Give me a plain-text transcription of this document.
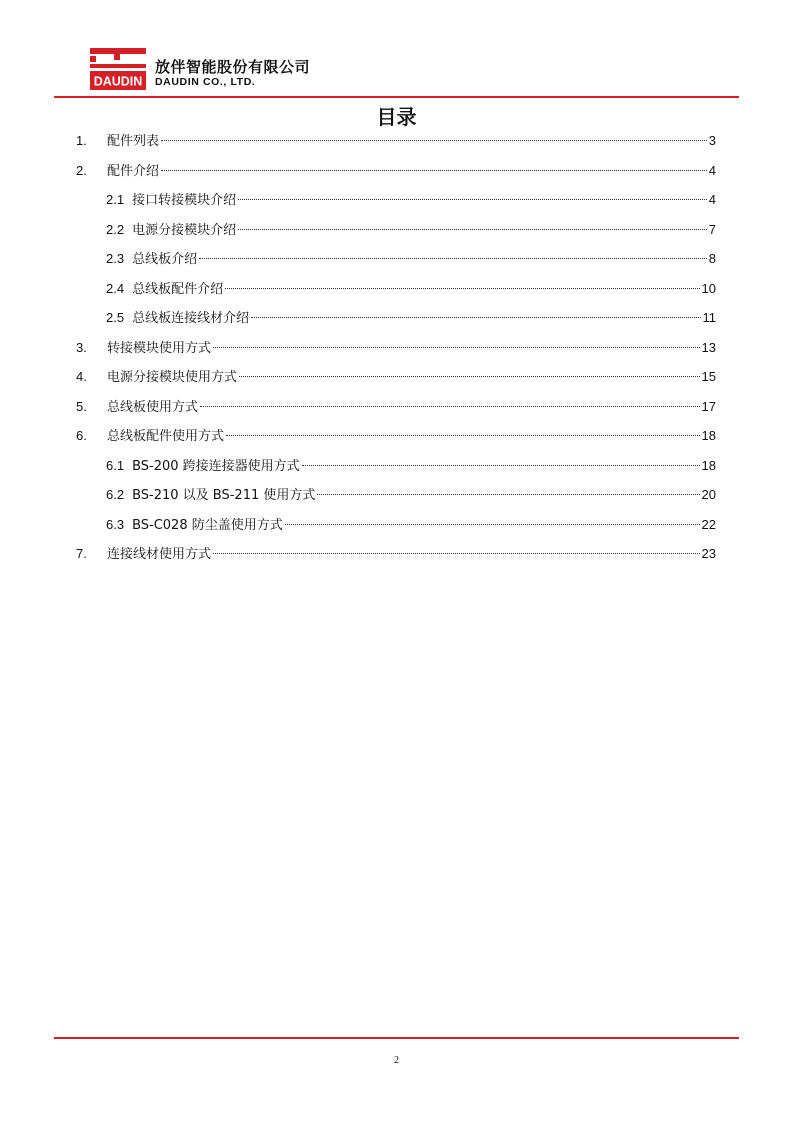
DAUDIN
放伴智能股份有限公司
DAUDIN CO., LTD.
目录
1.	配件列表	3
2.	配件介绍	4
2.1 接口转接模块介绍	4
2.2 电源分接模块介绍	7
2.3 总线板介绍	8
2.4 总线板配件介绍	10
2.5 总线板连接线材介绍	11
3.	转接模块使用方式	13
4.	电源分接模块使用方式	15
5.	总线板使用方式	17
6.	总线板配件使用方式	18
6.1 BS-200 跨接连接器使用方式	18
6.2 BS-210 以及 BS-211 使用方式	20
6.3 BS-C028 防尘盖使用方式	22
7.	连接线材使用方式	23
2
